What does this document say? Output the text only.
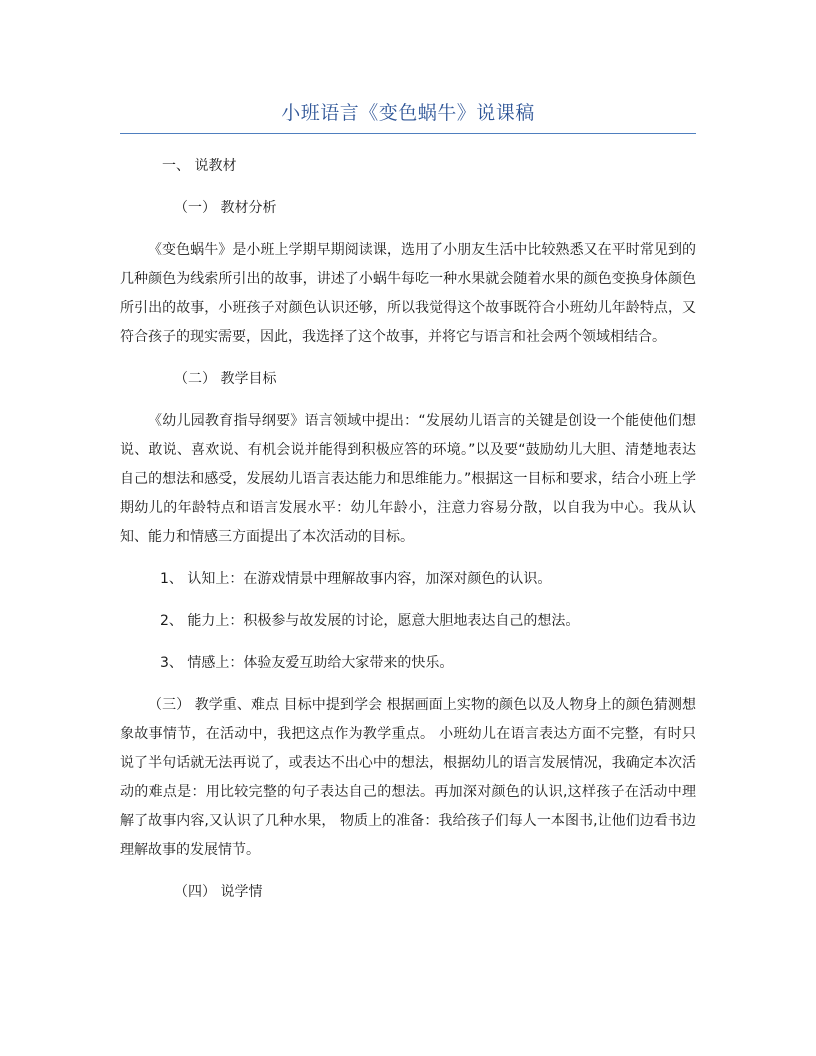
小班语言《变色蜗牛》说课稿
一、 说教材
（一） 教材分析
《变色蜗牛》是小班上学期早期阅读课，选用了小朋友生活中比较熟悉又在平时常见到的几种颜色为线索所引出的故事，讲述了小蜗牛每吃一种水果就会随着水果的颜色变换身体颜色所引出的故事，小班孩子对颜色认识还够，所以我觉得这个故事既符合小班幼儿年龄特点，又符合孩子的现实需要，因此，我选择了这个故事，并将它与语言和社会两个领域相结合。
（二） 教学目标
《幼儿园教育指导纲要》语言领域中提出：“发展幼儿语言的关键是创设一个能使他们想说、敢说、喜欢说、有机会说并能得到积极应答的环境。”以及要“鼓励幼儿大胆、清楚地表达自己的想法和感受，发展幼儿语言表达能力和思维能力。”根据这一目标和要求，结合小班上学期幼儿的年龄特点和语言发展水平：幼儿年龄小，注意力容易分散，以自我为中心。我从认知、能力和情感三方面提出了本次活动的目标。
1、 认知上：在游戏情景中理解故事内容，加深对颜色的认识。
2、 能力上：积极参与故发展的讨论，愿意大胆地表达自己的想法。
3、 情感上：体验友爱互助给大家带来的快乐。
（三） 教学重、难点 目标中提到学会 根据画面上实物的颜色以及人物身上的颜色猜测想象故事情节，在活动中，我把这点作为教学重点。 小班幼儿在语言表达方面不完整，有时只说了半句话就无法再说了，或表达不出心中的想法，根据幼儿的语言发展情况，我确定本次活动的难点是：用比较完整的句子表达自己的想法。再加深对颜色的认识,这样孩子在活动中理解了故事内容,又认识了几种水果， 物质上的准备：我给孩子们每人一本图书,让他们边看书边理解故事的发展情节。
（四） 说学情
